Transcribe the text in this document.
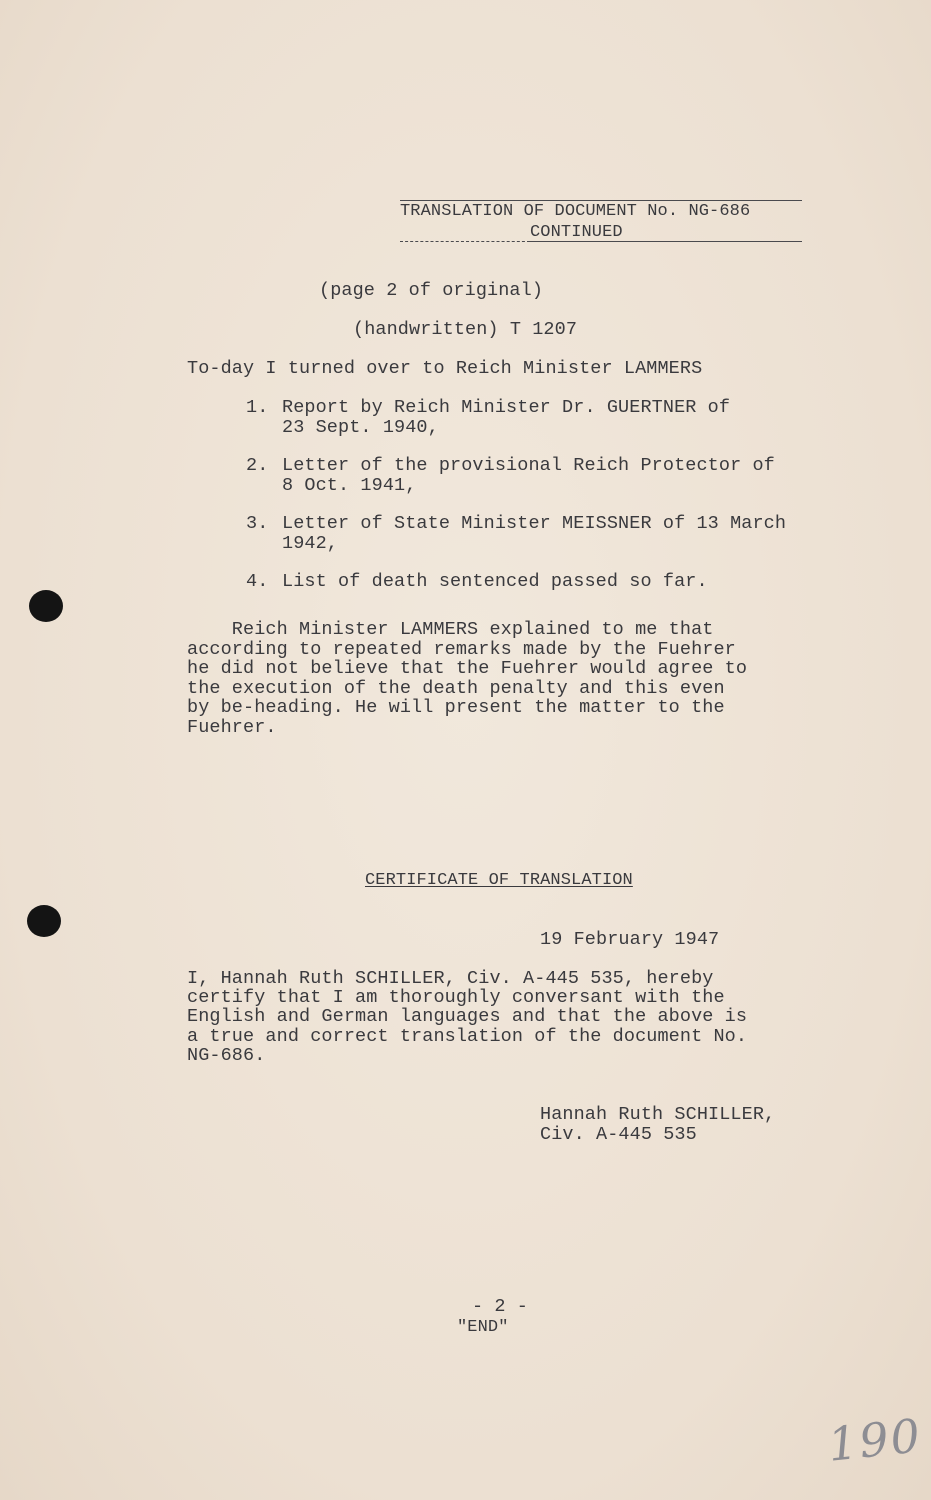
TRANSLATION OF DOCUMENT No. NG-686
CONTINUED
(page 2 of original)
(handwritten) T 1207
To-day I turned over to Reich Minister LAMMERS
1. Report by Reich Minister Dr. GUERTNER of
23 Sept. 1940,
2. Letter of the provisional Reich Protector of
8 Oct. 1941,
3. Letter of State Minister MEISSNER of 13 March
1942,
4. List of death sentenced passed so far.
Reich Minister LAMMERS explained to me that
according to repeated remarks made by the Fuehrer
he did not believe that the Fuehrer would agree to
the execution of the death penalty and this even
by be-heading. He will present the matter to the
Fuehrer.
CERTIFICATE OF TRANSLATION
19 February 1947
I, Hannah Ruth SCHILLER, Civ. A-445 535, hereby
certify that I am thoroughly conversant with the
English and German languages and that the above is
a true and correct translation of the document No.
NG-686.
Hannah Ruth SCHILLER,
Civ. A-445 535
- 2 -
"END"
190
